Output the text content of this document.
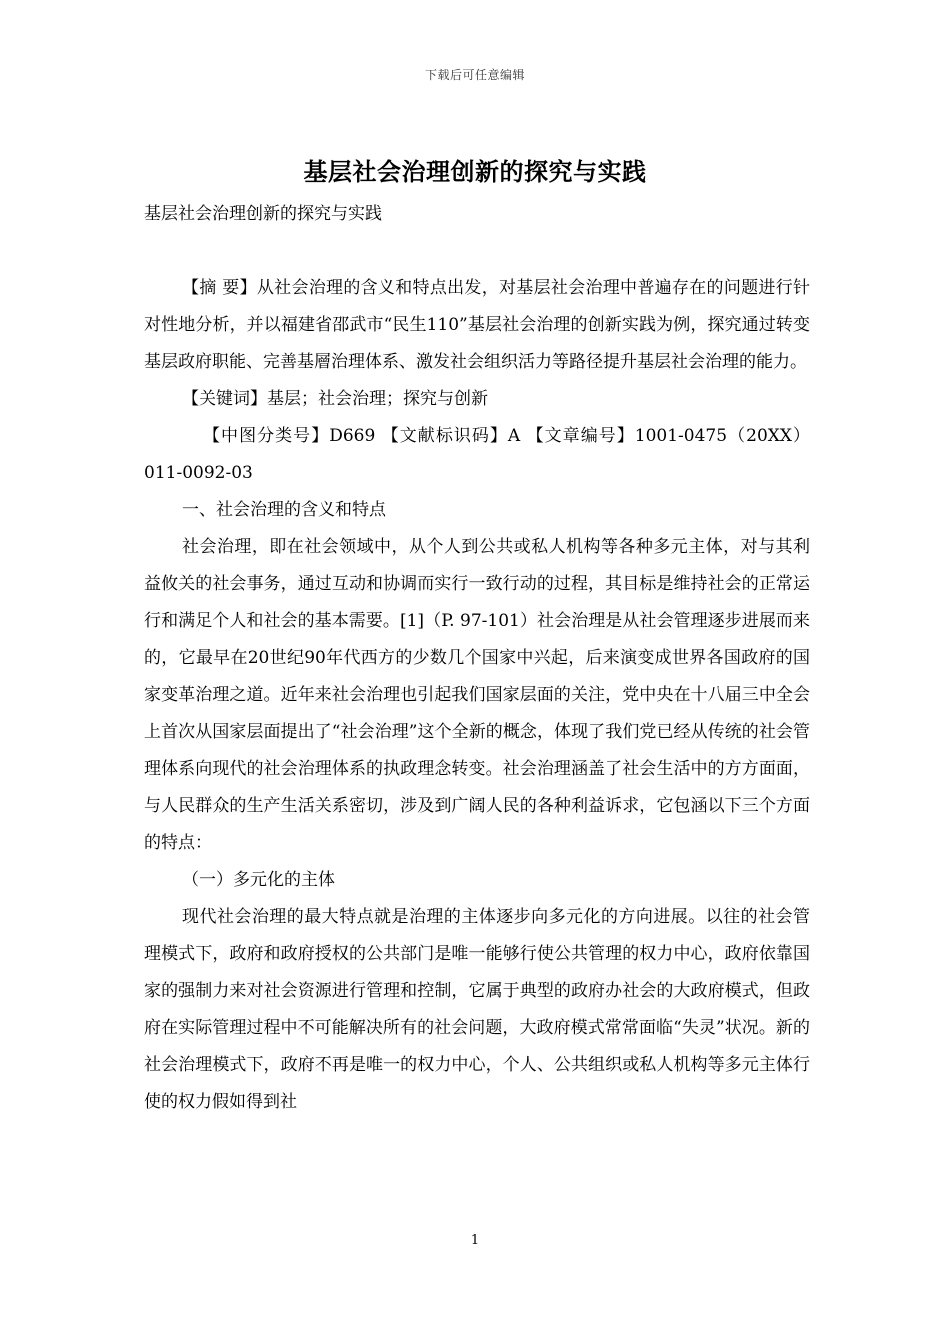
下载后可任意编辑
基层社会治理创新的探究与实践

基层社会治理创新的探究与实践

【摘 要】从社会治理的含义和特点出发，对基层社会治理中普遍存在的问题进行针对性地分析，并以福建省邵武市“民生110”基层社会治理的创新实践为例，探究通过转变基层政府职能、完善基層治理体系、激发社会组织活力等路径提升基层社会治理的能力。

【关键词】基层；社会治理；探究与创新

【中图分类号】D669 【文献标识码】A 【文章编号】1001-0475（20XX）011-0092-03

一、社会治理的含义和特点

社会治理，即在社会领域中，从个人到公共或私人机构等各种多元主体，对与其利益攸关的社会事务，通过互动和协调而实行一致行动的过程，其目标是维持社会的正常运行和满足个人和社会的基本需要。[1]（P. 97-101）社会治理是从社会管理逐步进展而来的，它最早在20世纪90年代西方的少数几个国家中兴起，后来演变成世界各国政府的国家变革治理之道。近年来社会治理也引起我们国家层面的关注，党中央在十八届三中全会上首次从国家层面提出了“社会治理”这个全新的概念，体现了我们党已经从传统的社会管理体系向现代的社会治理体系的执政理念转变。社会治理涵盖了社会生活中的方方面面，与人民群众的生产生活关系密切，涉及到广阔人民的各种利益诉求，它包涵以下三个方面的特点：

（一）多元化的主体

现代社会治理的最大特点就是治理的主体逐步向多元化的方向进展。以往的社会管理模式下，政府和政府授权的公共部门是唯一能够行使公共管理的权力中心，政府依靠国家的强制力来对社会资源进行管理和控制，它属于典型的政府办社会的大政府模式，但政府在实际管理过程中不可能解决所有的社会问题，大政府模式常常面临“失灵”状况。新的社会治理模式下，政府不再是唯一的权力中心，个人、公共组织或私人机构等多元主体行使的权力假如得到社

1
